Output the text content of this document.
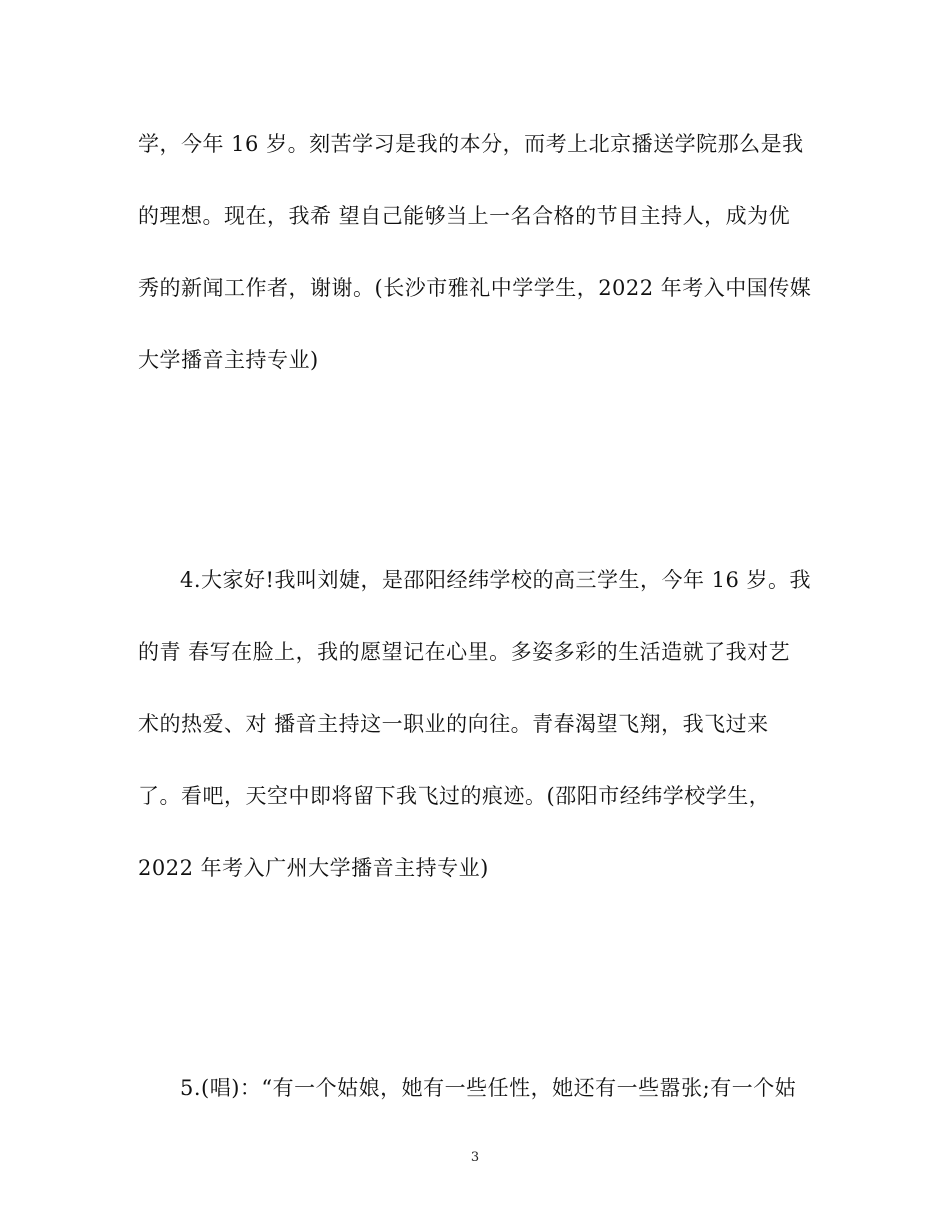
学，今年 16 岁。刻苦学习是我的本分，而考上北京播送学院那么是我
的理想。现在，我希 望自己能够当上一名合格的节目主持人，成为优
秀的新闻工作者，谢谢。(长沙市雅礼中学学生，2022 年考入中国传媒
大学播音主持专业)
4.大家好!我叫刘婕，是邵阳经纬学校的高三学生，今年 16 岁。我
的青 春写在脸上，我的愿望记在心里。多姿多彩的生活造就了我对艺
术的热爱、对 播音主持这一职业的向往。青春渴望飞翔，我飞过来
了。看吧，天空中即将留下我飞过的痕迹。(邵阳市经纬学校学生，
2022 年考入广州大学播音主持专业)
5.(唱)：“有一个姑娘，她有一些任性，她还有一些嚣张;有一个姑
3
